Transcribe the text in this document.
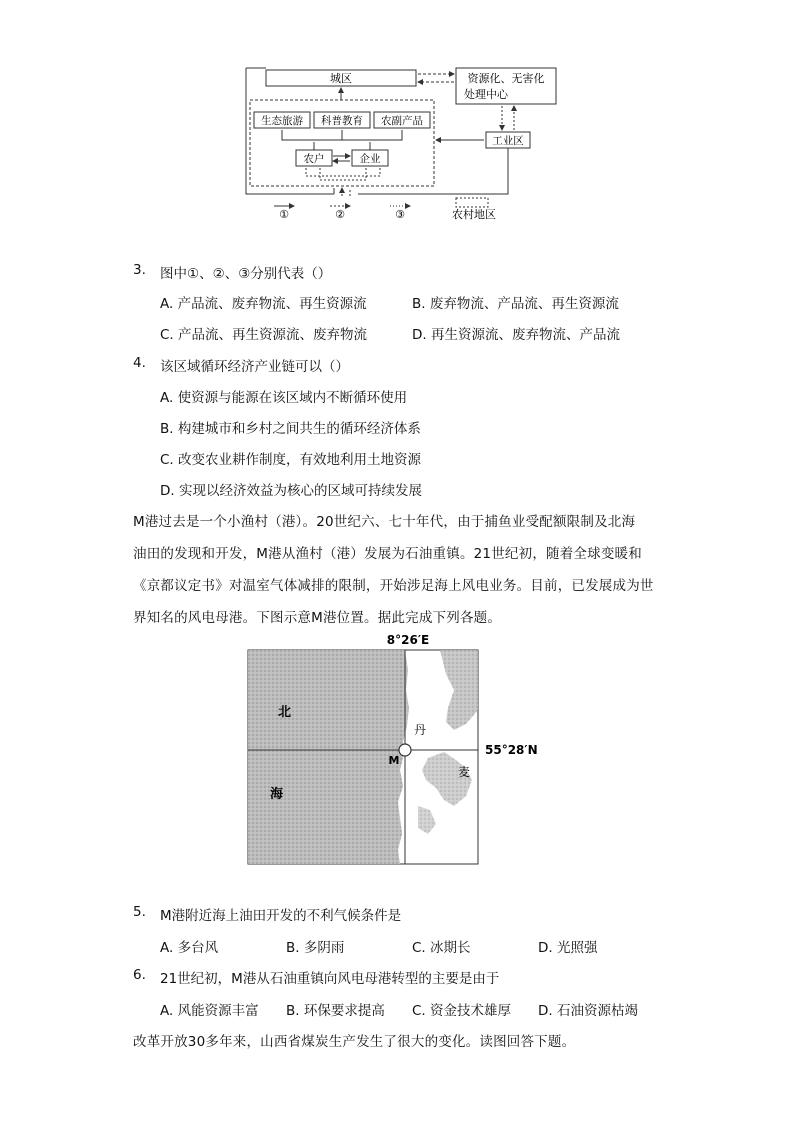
城区	资源化、无害化
处理中心
生态旅游 科普教育 农副产品
农户	企业
工业区
①	②	③	农村地区
3. 图中①、②、③分别代表（）
A. 产品流、废弃物流、再生资源流	B. 废弃物流、产品流、再生资源流
C. 产品流、再生资源流、废弃物流	D. 再生资源流、废弃物流、产品流
4. 该区域循环经济产业链可以（）
A. 使资源与能源在该区域内不断循环使用
B. 构建城市和乡村之间共生的循环经济体系
C. 改变农业耕作制度，有效地利用土地资源
D. 实现以经济效益为核心的区域可持续发展
M港过去是一个小渔村（港）。20世纪六、七十年代，由于捕鱼业受配额限制及北海
油田的发现和开发，M港从渔村（港）发展为石油重镇。21世纪初，随着全球变暖和
《京都议定书》对温室气体减排的限制，开始涉足海上风电业务。目前，已发展成为世
界知名的风电母港。下图示意M港位置。据此完成下列各题。
8°26′E
M
北
海
丹
麦
55°28′N
5. M港附近海上油田开发的不利气候条件是
A. 多台风	B. 多阴雨	C. 冰期长	D. 光照强
6. 21世纪初，M港从石油重镇向风电母港转型的主要是由于
A. 风能资源丰富 B. 环保要求提高 C. 资金技术雄厚 D. 石油资源枯竭
改革开放30多年来，山西省煤炭生产发生了很大的变化。读图回答下题。
